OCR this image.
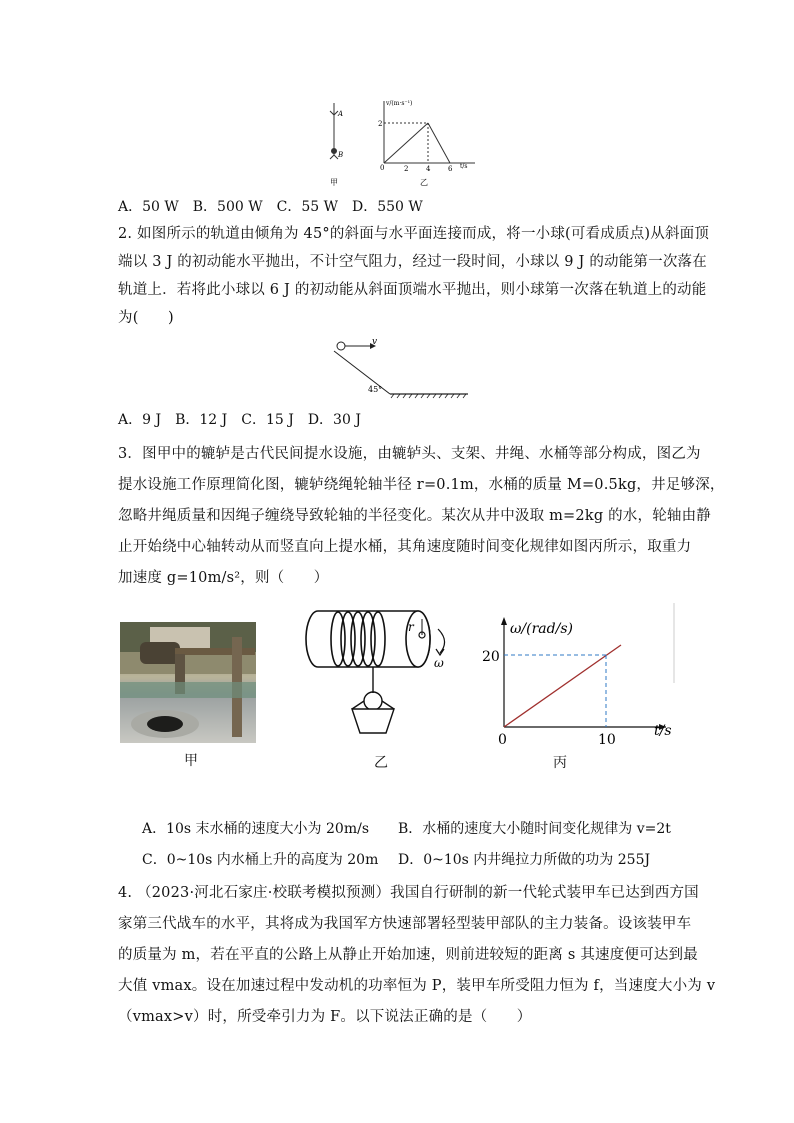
A
B
甲
v/(m·s⁻¹)
t/s
2
0	2	4	6
乙
A．50 W　B．500 W　C．55 W　D．550 W
2. 如图所示的轨道由倾角为 45°的斜面与水平面连接而成，将一小球(可看成质点)从斜面顶
端以 3 J 的初动能水平抛出，不计空气阻力，经过一段时间，小球以 9 J 的动能第一次落在
轨道上．若将此小球以 6 J 的初动能从斜面顶端水平抛出，则小球第一次落在轨道上的动能
为(　　)
v
45°
A．9 J　B．12 J　C．15 J　D．30 J
3．图甲中的辘轳是古代民间提水设施，由辘轳头、支架、井绳、水桶等部分构成，图乙为
提水设施工作原理简化图，辘轳绕绳轮轴半径 r=0.1m，水桶的质量 M=0.5kg，井足够深，
忽略井绳质量和因绳子缠绕导致轮轴的半径变化。某次从井中汲取 m=2kg 的水，轮轴由静
止开始绕中心轴转动从而竖直向上提水桶，其角速度随时间变化规律如图丙所示，取重力
加速度 g=10m/s²，则（　　）
r
ω
ω/(rad/s)
20
0	10
t/s
甲	乙	丙
A．10s 末水桶的速度大小为 20m/s B．水桶的速度大小随时间变化规律为 v=2t
C．0~10s 内水桶上升的高度为 20m D．0~10s 内井绳拉力所做的功为 255J
4. （2023·河北石家庄·校联考模拟预测）我国自行研制的新一代轮式装甲车已达到西方国
家第三代战车的水平，其将成为我国军方快速部署轻型装甲部队的主力装备。设该装甲车
的质量为 m，若在平直的公路上从静止开始加速，则前进较短的距离 s 其速度便可达到最
大值 vmax。设在加速过程中发动机的功率恒为 P，装甲车所受阻力恒为 f，当速度大小为 v
（vmax>v）时，所受牵引力为 F。以下说法正确的是（　　）
